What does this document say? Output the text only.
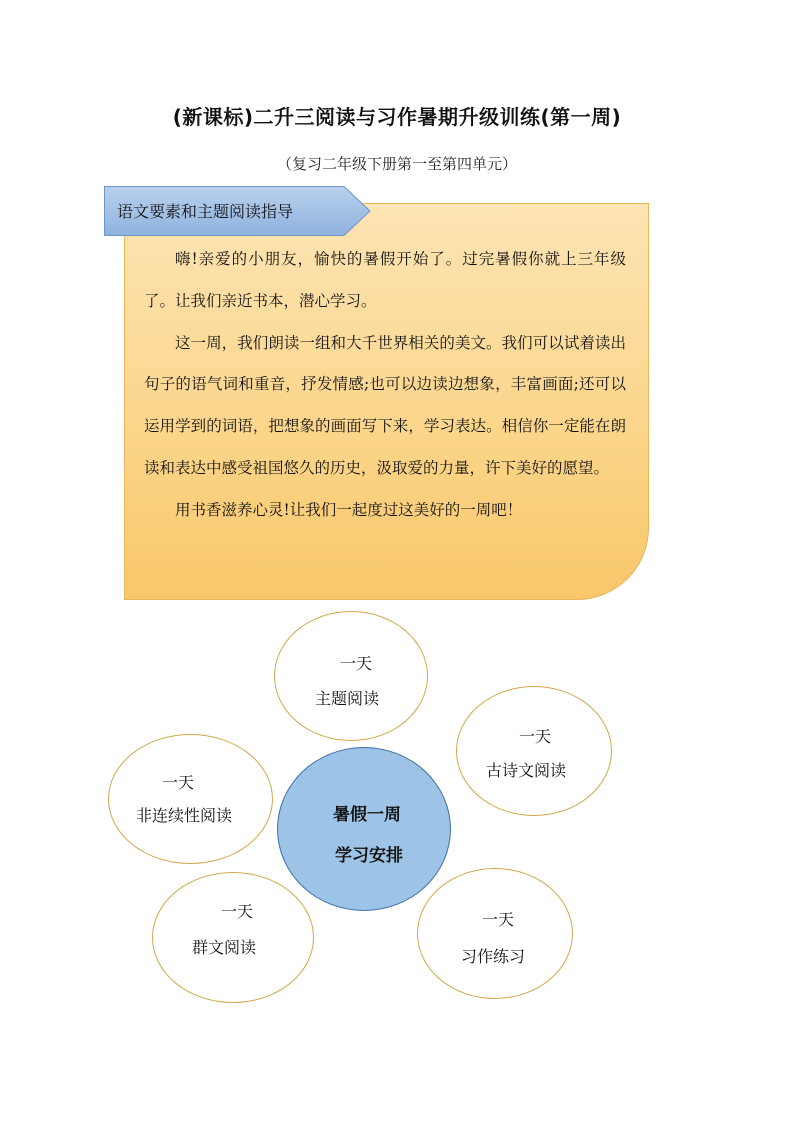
(新课标)二升三阅读与习作暑期升级训练(第一周)
（复习二年级下册第一至第四单元）

嗨!亲爱的小朋友，愉快的暑假开始了。过完暑假你就上三年级了。让我们亲近书本，潜心学习。

这一周，我们朗读一组和大千世界相关的美文。我们可以试着读出句子的语气词和重音，抒发情感;也可以边读边想象，丰富画面;还可以运用学到的词语，把想象的画面写下来，学习表达。相信你一定能在朗读和表达中感受祖国悠久的历史，汲取爱的力量，许下美好的愿望。

用书香滋养心灵!让我们一起度过这美好的一周吧！

语文要素和主题阅读指导
一天
主题阅读
一天
古诗文阅读
一天
非连续性阅读
一天
群文阅读
一天
习作练习
暑假一周
学习安排
